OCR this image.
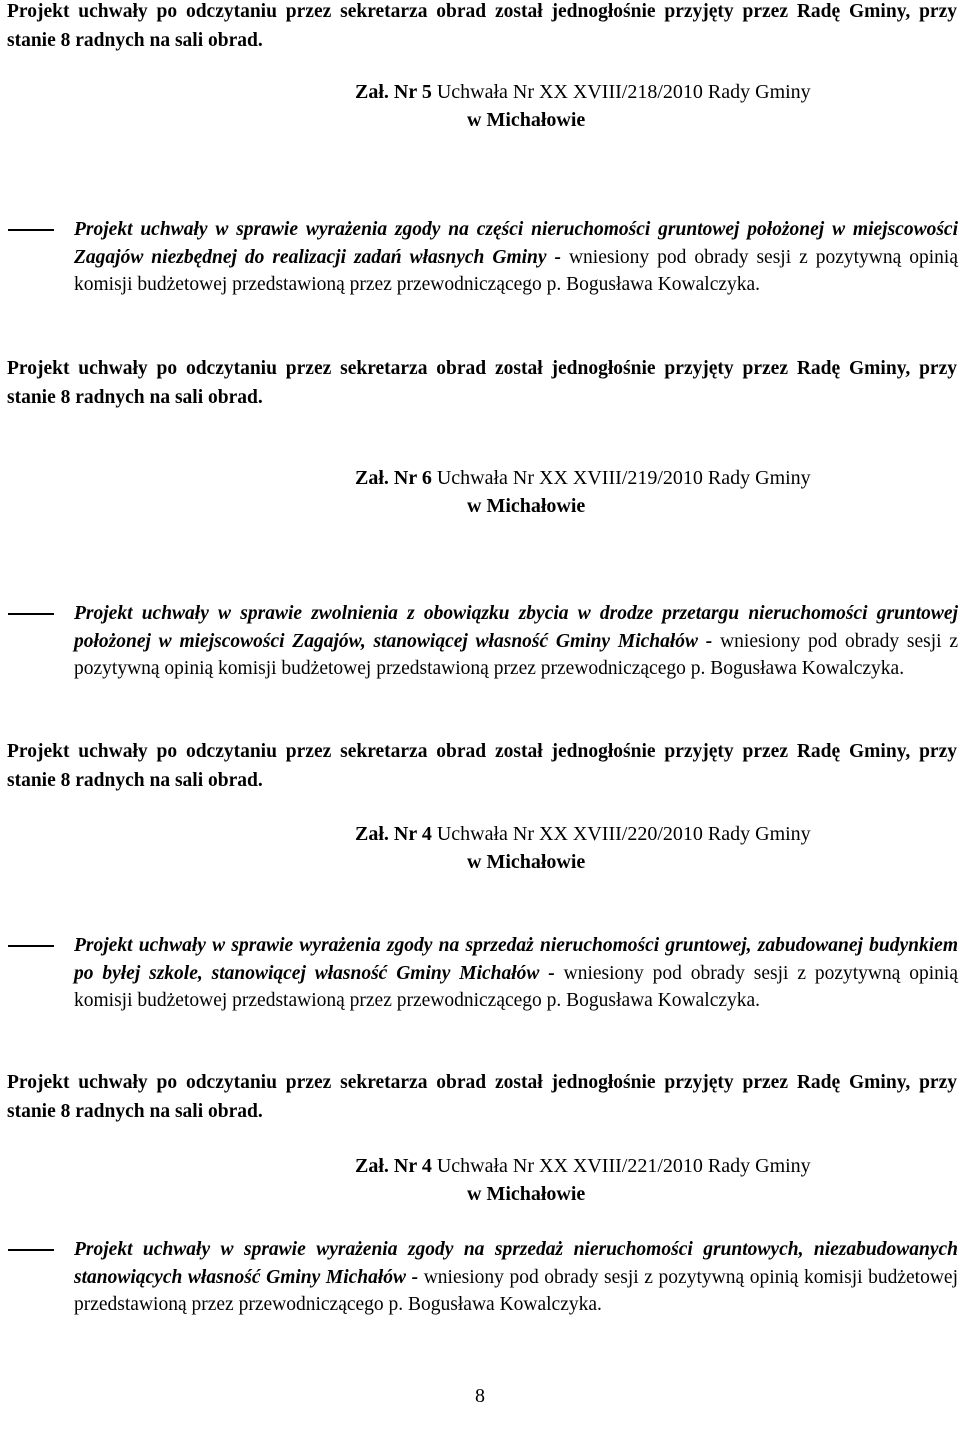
Projekt uchwały po odczytaniu przez sekretarza obrad został jednogłośnie przyjęty przez Radę Gminy, przy stanie 8 radnych na sali obrad.
Zał. Nr 5 Uchwała Nr XX XVIII/218/2010 Rady Gminy
w Michałowie
Projekt uchwały w sprawie wyrażenia zgody na części nieruchomości gruntowej położonej w miejscowości Zagajów niezbędnej do realizacji zadań własnych Gminy - wniesiony pod obrady sesji z pozytywną opinią komisji budżetowej przedstawioną przez przewodniczącego p. Bogusława Kowalczyka.
Projekt uchwały po odczytaniu przez sekretarza obrad został jednogłośnie przyjęty przez Radę Gminy, przy stanie 8 radnych na sali obrad.
Zał. Nr 6 Uchwała Nr XX XVIII/219/2010 Rady Gminy
w Michałowie
Projekt uchwały w sprawie zwolnienia z obowiązku zbycia w drodze przetargu nieruchomości gruntowej położonej w miejscowości Zagajów, stanowiącej własność Gminy Michałów - wniesiony pod obrady sesji z pozytywną opinią komisji budżetowej przedstawioną przez przewodniczącego p. Bogusława Kowalczyka.
Projekt uchwały po odczytaniu przez sekretarza obrad został jednogłośnie przyjęty przez Radę Gminy, przy stanie 8 radnych na sali obrad.
Zał. Nr 4 Uchwała Nr XX XVIII/220/2010 Rady Gminy
w Michałowie
Projekt uchwały w sprawie wyrażenia zgody na sprzedaż nieruchomości gruntowej, zabudowanej budynkiem po byłej szkole, stanowiącej własność Gminy Michałów - wniesiony pod obrady sesji z pozytywną opinią komisji budżetowej przedstawioną przez przewodniczącego p. Bogusława Kowalczyka.
Projekt uchwały po odczytaniu przez sekretarza obrad został jednogłośnie przyjęty przez Radę Gminy, przy stanie 8 radnych na sali obrad.
Zał. Nr 4 Uchwała Nr XX XVIII/221/2010 Rady Gminy
w Michałowie
Projekt uchwały w sprawie wyrażenia zgody na sprzedaż nieruchomości gruntowych, niezabudowanych stanowiących własność Gminy Michałów - wniesiony pod obrady sesji z pozytywną opinią komisji budżetowej przedstawioną przez przewodniczącego p. Bogusława Kowalczyka.
8
